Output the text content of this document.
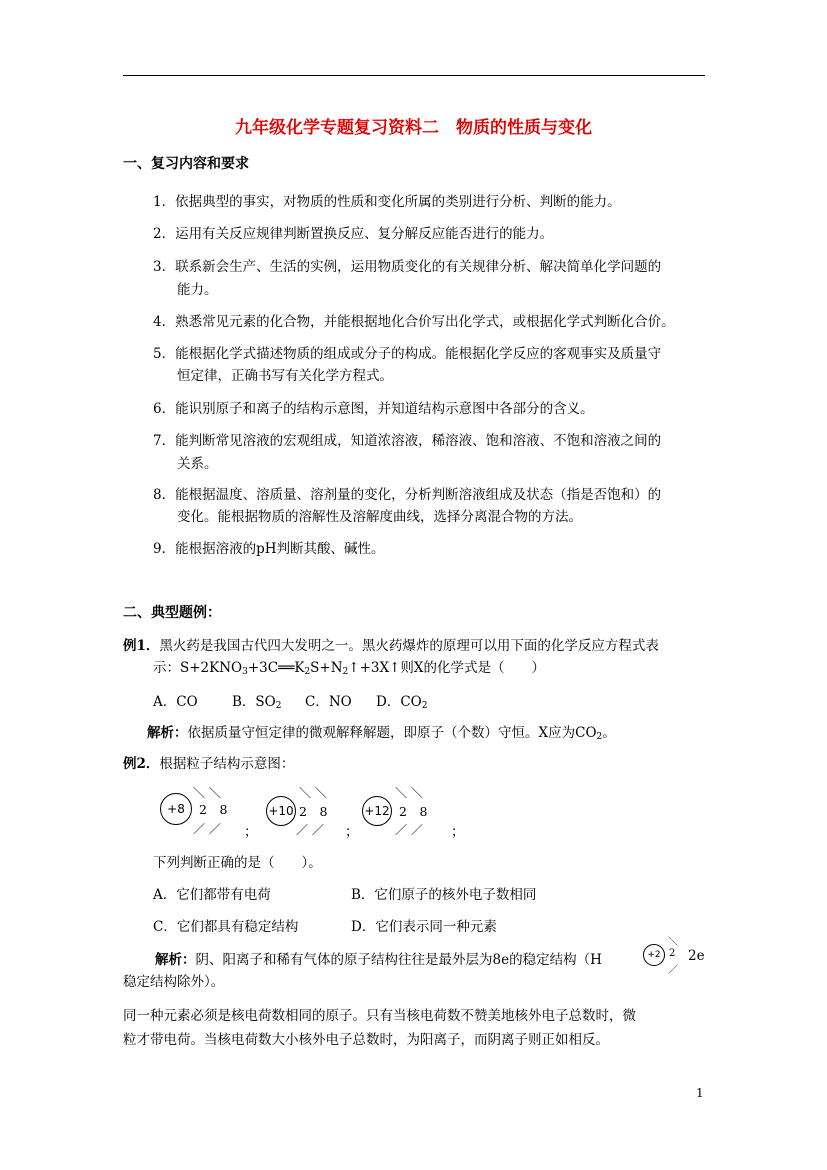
九年级化学专题复习资料二　物质的性质与变化
一、复习内容和要求
1．依据典型的事实，对物质的性质和变化所属的类别进行分析、判断的能力。
2．运用有关反应规律判断置换反应、复分解反应能否进行的能力。
3．联系新会生产、生活的实例，运用物质变化的有关规律分析、解决简单化学问题的
能力。
4．熟悉常见元素的化合物，并能根据地化合价写出化学式，或根据化学式判断化合价。
5．能根据化学式描述物质的组成或分子的构成。能根据化学反应的客观事实及质量守
恒定律，正确书写有关化学方程式。
6．能识别原子和离子的结构示意图，并知道结构示意图中各部分的含义。
7．能判断常见溶液的宏观组成，知道浓溶液，稀溶液、饱和溶液、不饱和溶液之间的
关系。
8．能根据温度、溶质量、溶剂量的变化，分析判断溶液组成及状态（指是否饱和）的
变化。能根据物质的溶解性及溶解度曲线，选择分离混合物的方法。
9．能根据溶液的pH判断其酸、碱性。
二、典型题例：
例1．黑火药是我国古代四大发明之一。黑火药爆炸的原理可以用下面的化学反应方程式表
示：$S+2KNO_3+3C══K_2S+N_2↑+3X↑$则X的化学式是（　　）
A．CO	B．$SO_2$ C．NO D．$CO_2$
解析：依据质量守恒定律的微观解释解题，即原子（个数）守恒。X应为$CO_2$。
例2．根据粒子结构示意图：
＼ ＼
+8	2　8
／ ／ ；
＼ ＼
+10 2　8
／ ／ ；
＼ ＼
+12 2　8
／ ／ ；
下列判断正确的是（　　）。
A．它们都带有电荷	B．它们原子的核外电子数相同
C．它们都具有稳定结构	D．它们表示同一种元素
解析：阴、阳离子和稀有气体的原子结构往往是最外层为8e的稳定结构（H
＼
+2 2
／
2e
稳定结构除外）。
同一种元素必须是核电荷数相同的原子。只有当核电荷数不赞美地核外电子总数时，微
粒才带电荷。当核电荷数大小核外电子总数时，为阳离子，而阴离子则正如相反。
1
